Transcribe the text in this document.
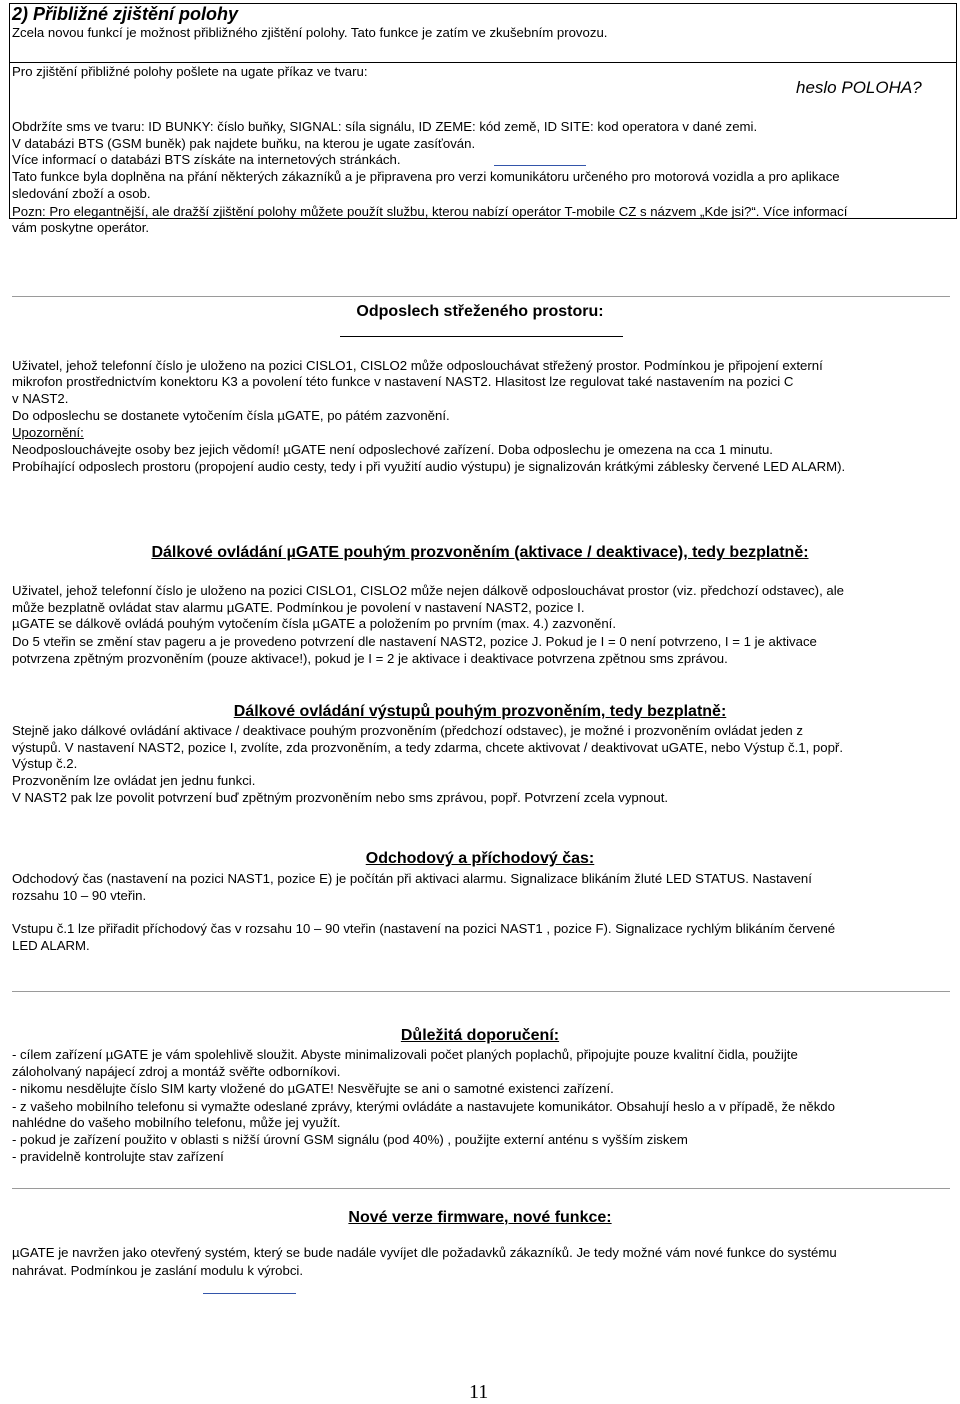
2) Přibližné zjištění polohy
Zcela novou funkcí je možnost přibližného zjištění polohy. Tato funkce je zatím ve zkušebním provozu.
Pro zjištění přibližné polohy pošlete na ugate příkaz ve tvaru:
heslo POLOHA?
Obdržíte sms ve tvaru: ID BUNKY: číslo buňky, SIGNAL: síla signálu, ID ZEME: kód země, ID SITE: kod operatora v dané zemi.
V databázi BTS (GSM buněk) pak najdete buňku, na kterou je ugate zasíťován.
Více informací o databázi BTS získáte na internetových stránkách.
Tato funkce byla doplněna na přání některých zákazníků a je připravena pro verzi komunikátoru určeného pro motorová vozidla a pro aplikace
sledování zboží a osob.
Pozn: Pro elegantnější, ale dražší zjištění polohy můžete použít službu, kterou nabízí operátor T-mobile CZ s názvem „Kde jsi?“. Více informací
vám poskytne operátor.
Odposlech střeženého prostoru:
Uživatel, jehož telefonní číslo je uloženo na pozici CISLO1, CISLO2 může odposlouchávat střežený prostor. Podmínkou je připojení externí
mikrofon prostřednictvím konektoru K3 a povolení této funkce v nastavení NAST2. Hlasitost lze regulovat také nastavením na pozici C
v NAST2.
Do odposlechu se dostanete vytočením čísla µGATE, po pátém zazvonění.
Upozornění:
Neodposlouchávejte osoby bez jejich vědomí! µGATE není odposlechové zařízení. Doba odposlechu je omezena na cca 1 minutu.
Probíhající odposlech prostoru (propojení audio cesty, tedy i při využití audio výstupu) je signalizován krátkými záblesky červené LED ALARM).
Dálkové ovládání µGATE pouhým prozvoněním (aktivace / deaktivace), tedy bezplatně:
Uživatel, jehož telefonní číslo je uloženo na pozici CISLO1, CISLO2 může nejen dálkově odposlouchávat prostor (viz. předchozí odstavec), ale
může bezplatně ovládat stav alarmu µGATE. Podmínkou je povolení v nastavení NAST2, pozice I.
µGATE se dálkově ovládá pouhým vytočením čísla µGATE a položením po prvním (max. 4.) zazvonění.
Do 5 vteřin se změní stav pageru a je provedeno potvrzení dle nastavení NAST2, pozice J. Pokud je I = 0 není potvrzeno, I = 1 je aktivace
potvrzena zpětným prozvoněním (pouze aktivace!), pokud je I = 2 je aktivace i deaktivace potvrzena zpětnou sms zprávou.
Dálkové ovládání výstupů pouhým prozvoněním, tedy bezplatně:
Stejně jako dálkové ovládání aktivace / deaktivace pouhým prozvoněním (předchozí odstavec), je možné i prozvoněním ovládat jeden z
výstupů. V nastavení NAST2, pozice I, zvolíte, zda prozvoněním, a tedy zdarma, chcete aktivovat / deaktivovat uGATE, nebo Výstup č.1, popř.
Výstup č.2.
Prozvoněním lze ovládat jen jednu funkci.
V NAST2 pak lze povolit potvrzení buď zpětným prozvoněním nebo sms zprávou, popř. Potvrzení zcela vypnout.
Odchodový a příchodový čas:
Odchodový čas (nastavení na pozici NAST1, pozice E) je počítán při aktivaci alarmu. Signalizace blikáním žluté LED STATUS. Nastavení
rozsahu 10 – 90 vteřin.
Vstupu č.1 lze přiřadit příchodový čas v rozsahu 10 – 90 vteřin (nastavení na pozici NAST1 , pozice F). Signalizace rychlým blikáním červené
LED ALARM.
Důležitá doporučení:
- cílem zařízení µGATE je vám spolehlivě sloužit. Abyste minimalizovali počet planých poplachů, připojujte pouze kvalitní čidla, použijte
záloholvaný napájecí zdroj a montáž svěřte odborníkovi.
- nikomu nesdělujte číslo SIM karty vložené do µGATE! Nesvěřujte se ani o samotné existenci zařízení.
- z vašeho mobilního telefonu si vymažte odeslané zprávy, kterými ovládáte a nastavujete komunikátor. Obsahují heslo a v případě, že někdo
nahlédne do vašeho mobilního telefonu, může jej využít.
- pokud je zařízení použito v oblasti s nižší úrovní GSM signálu (pod 40%) , použijte externí anténu s vyšším ziskem
- pravidelně kontrolujte stav zařízení
Nové verze firmware, nové funkce:
µGATE je navržen jako otevřený systém, který se bude nadále vyvíjet dle požadavků zákazníků. Je tedy možné vám nové funkce do systému
nahrávat. Podmínkou je zaslání modulu k výrobci.
11
